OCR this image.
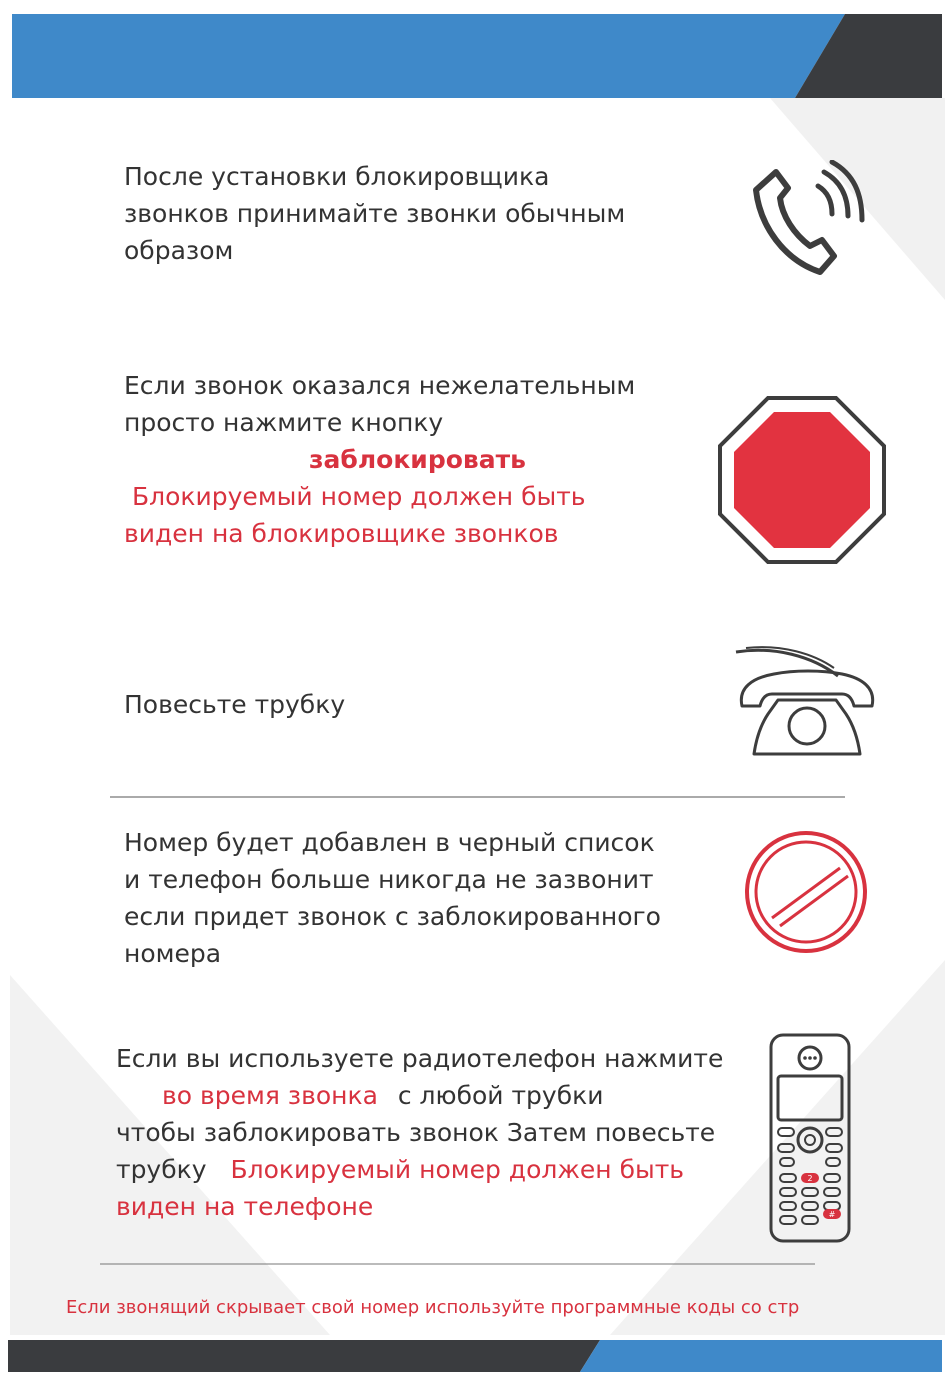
После установки блокировщика

звонков принимайте звонки обычным

образом

Если звонок оказался нежелательным

просто нажмите кнопку

заблокировать

Блокируемый номер должен быть

виден на блокировщике звонков

Повесьте трубку

Номер будет добавлен в черный список

и телефон больше никогда не зазвонит

если придет звонок с заблокированного

номера

Если вы используете радиотелефон нажмите

во время звонка с любой трубки

чтобы заблокировать звонок Затем повесьте

трубку Блокируемый номер должен быть

виден на телефоне

2
#
Если звонящий скрывает свой номер используйте программные коды со стр
